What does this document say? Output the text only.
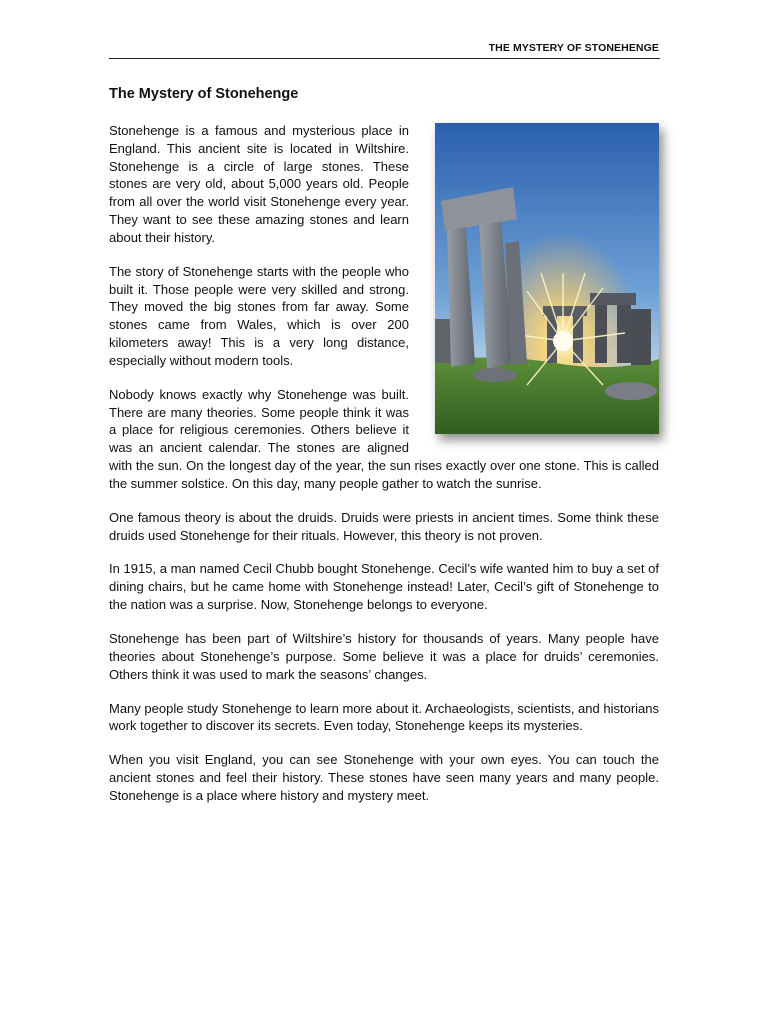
THE MYSTERY OF STONEHENGE
The Mystery of Stonehenge

Stonehenge is a famous and mysterious place in England. This ancient site is located in Wiltshire. Stonehenge is a circle of large stones. These stones are very old, about 5,000 years old. People from all over the world visit Stonehenge every year. They want to see these amazing stones and learn about their history.

The story of Stonehenge starts with the people who built it. Those people were very skilled and strong. They moved the big stones from far away. Some stones came from Wales, which is over 200 kilometers away! This is a very long distance, especially without modern tools.

Nobody knows exactly why Stonehenge was built. There are many theories. Some people think it was a place for religious ceremonies. Others believe it was an ancient calendar. The stones are aligned with the sun. On the longest day of the year, the sun rises exactly over one stone. This is called the summer solstice. On this day, many people gather to watch the sunrise.

One famous theory is about the druids. Druids were priests in ancient times. Some think these druids used Stonehenge for their rituals. However, this theory is not proven.

In 1915, a man named Cecil Chubb bought Stonehenge. Cecil’s wife wanted him to buy a set of dining chairs, but he came home with Stonehenge instead! Later, Cecil’s gift of Stonehenge to the nation was a surprise. Now, Stonehenge belongs to everyone.

Stonehenge has been part of Wiltshire’s history for thousands of years. Many people have theories about Stonehenge’s purpose. Some believe it was a place for druids’ ceremonies. Others think it was used to mark the seasons’ changes.

Many people study Stonehenge to learn more about it. Archaeologists, scientists, and historians work together to discover its secrets. Even today, Stonehenge keeps its mysteries.

When you visit England, you can see Stonehenge with your own eyes. You can touch the ancient stones and feel their history. These stones have seen many years and many people. Stonehenge is a place where history and mystery meet.
